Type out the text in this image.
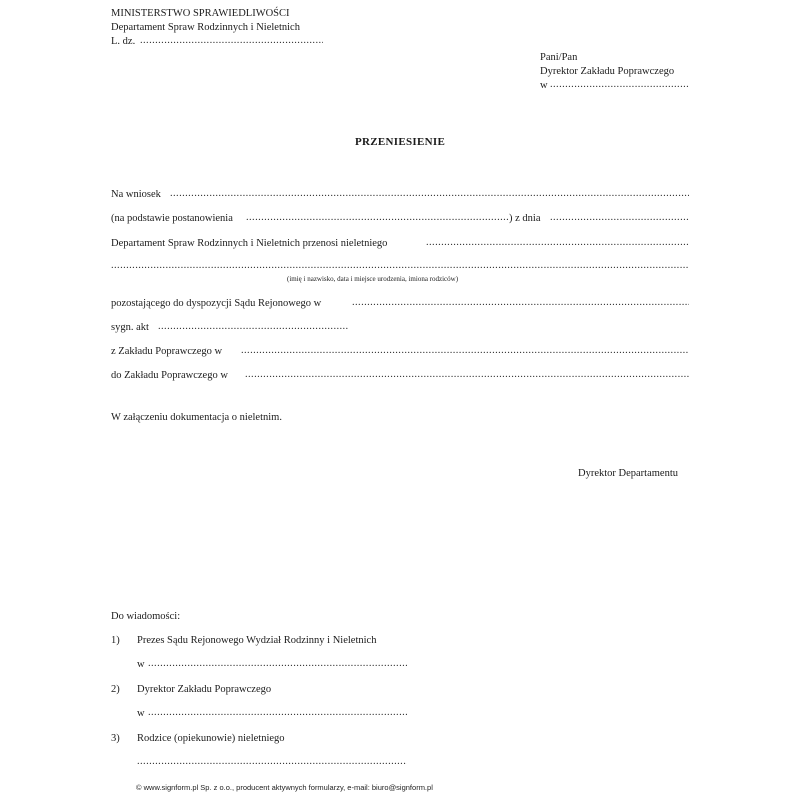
MINISTERSTWO SPRAWIEDLIWOŚCI
Departament Spraw Rodzinnych i Nieletnich
L. dz.
.....
Pani/Pan
Dyrektor Zakładu Poprawczego
w
.....
PRZENIESIENIE
Na wniosek
.....
(na podstawie postanowienia
.....	) z dnia
.....
Departament Spraw Rodzinnych i Nieletnich przenosi nieletniego
.....
.....
(imię i nazwisko, data i miejsce urodzenia, imiona rodziców)
pozostającego do dyspozycji Sądu Rejonowego w
.....
sygn. akt
.....
z Zakładu Poprawczego w
.....
do Zakładu Poprawczego w
.....
W załączeniu dokumentacja o nieletnim.
Dyrektor Departamentu
Do wiadomości:
1) Prezes Sądu Rejonowego Wydział Rodzinny i Nieletnich
w
.....
2) Dyrektor Zakładu Poprawczego
w
.....
3) Rodzice (opiekunowie) nieletniego
.....
© www.signform.pl Sp. z o.o., producent aktywnych formularzy, e-mail: biuro@signform.pl
